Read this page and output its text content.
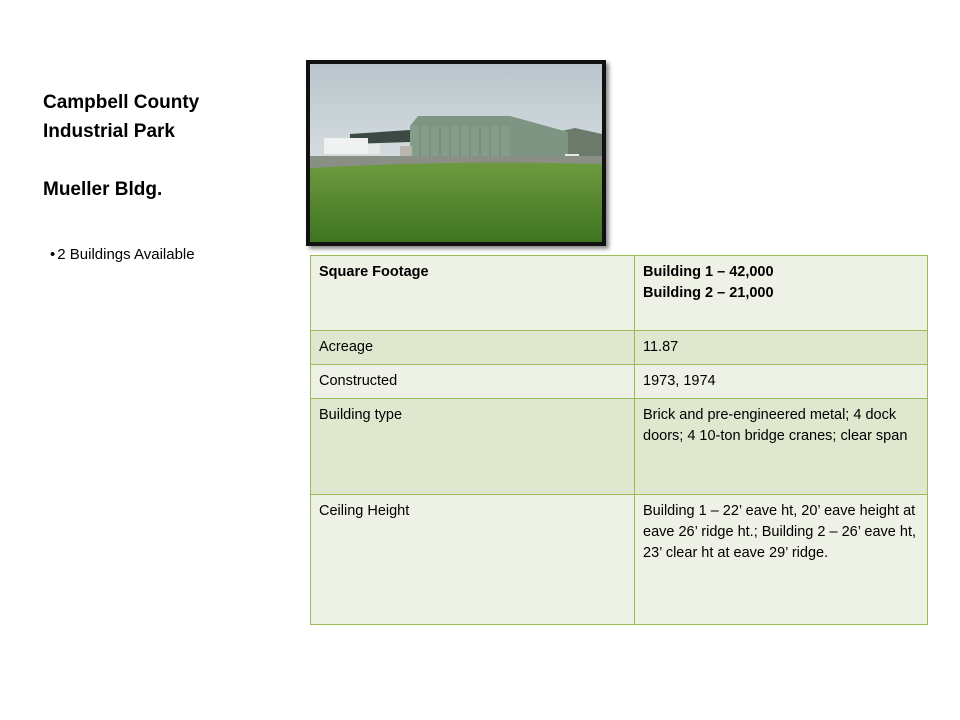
Campbell County
Industrial Park
Mueller Bldg.
• 2 Buildings Available
Square Footage	Building 1 – 42,000
Building 2 – 21,000

Acreage	11.87
Constructed	1973, 1974
Building type	Brick and pre-engineered metal; 4 dock doors; 4 10-ton bridge cranes; clear span
Ceiling Height	Building 1 – 22’ eave ht, 20’ eave height at eave 26’ ridge ht.; Building 2 – 26’ eave ht, 23’ clear ht at eave 29’ ridge.
